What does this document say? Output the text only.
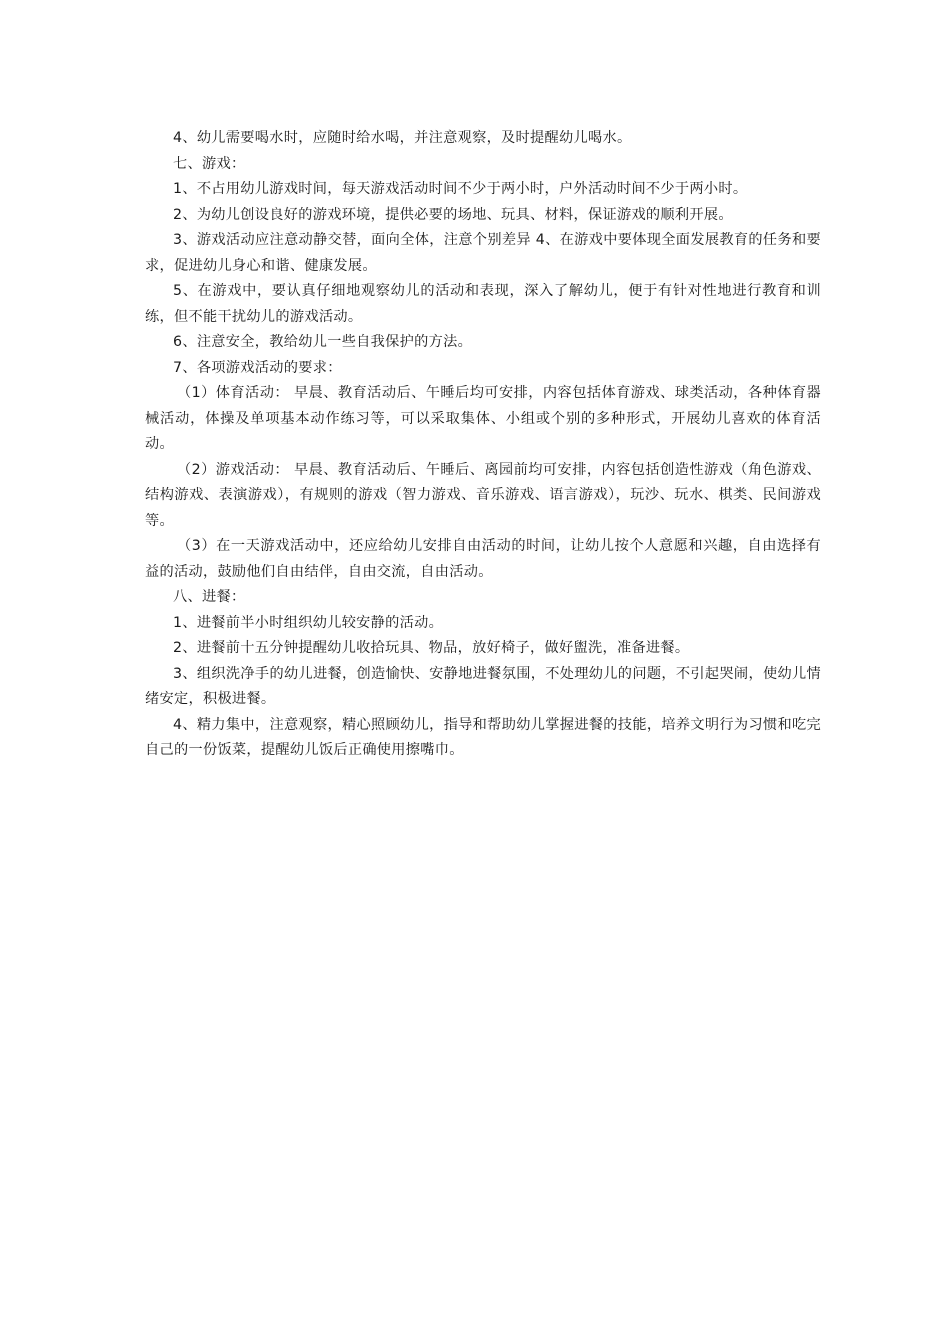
4、幼儿需要喝水时，应随时给水喝，并注意观察，及时提醒幼儿喝水。

七、游戏：

1、不占用幼儿游戏时间，每天游戏活动时间不少于两小时，户外活动时间不少于两小时。

2、为幼儿创设良好的游戏环境，提供必要的场地、玩具、材料，保证游戏的顺利开展。

3、游戏活动应注意动静交替，面向全体，注意个别差异 4、在游戏中要体现全面发展教育的任务和要求，促进幼儿身心和谐、健康发展。

5、在游戏中，要认真仔细地观察幼儿的活动和表现，深入了解幼儿，便于有针对性地进行教育和训练，但不能干扰幼儿的游戏活动。

6、注意安全，教给幼儿一些自我保护的方法。

7、各项游戏活动的要求：

（1）体育活动： 早晨、教育活动后、午睡后均可安排，内容包括体育游戏、球类活动，各种体育器械活动，体操及单项基本动作练习等，可以采取集体、小组或个别的多种形式，开展幼儿喜欢的体育活动。

（2）游戏活动： 早晨、教育活动后、午睡后、离园前均可安排，内容包括创造性游戏（角色游戏、结构游戏、表演游戏），有规则的游戏（智力游戏、音乐游戏、语言游戏），玩沙、玩水、棋类、民间游戏等。

（3）在一天游戏活动中，还应给幼儿安排自由活动的时间，让幼儿按个人意愿和兴趣，自由选择有益的活动，鼓励他们自由结伴，自由交流，自由活动。

八、进餐：

1、进餐前半小时组织幼儿较安静的活动。

2、进餐前十五分钟提醒幼儿收拾玩具、物品，放好椅子，做好盥洗，准备进餐。

3、组织洗净手的幼儿进餐，创造愉快、安静地进餐氛围，不处理幼儿的问题，不引起哭闹，使幼儿情绪安定，积极进餐。

4、精力集中，注意观察，精心照顾幼儿，指导和帮助幼儿掌握进餐的技能，培养文明行为习惯和吃完自己的一份饭菜，提醒幼儿饭后正确使用擦嘴巾。
